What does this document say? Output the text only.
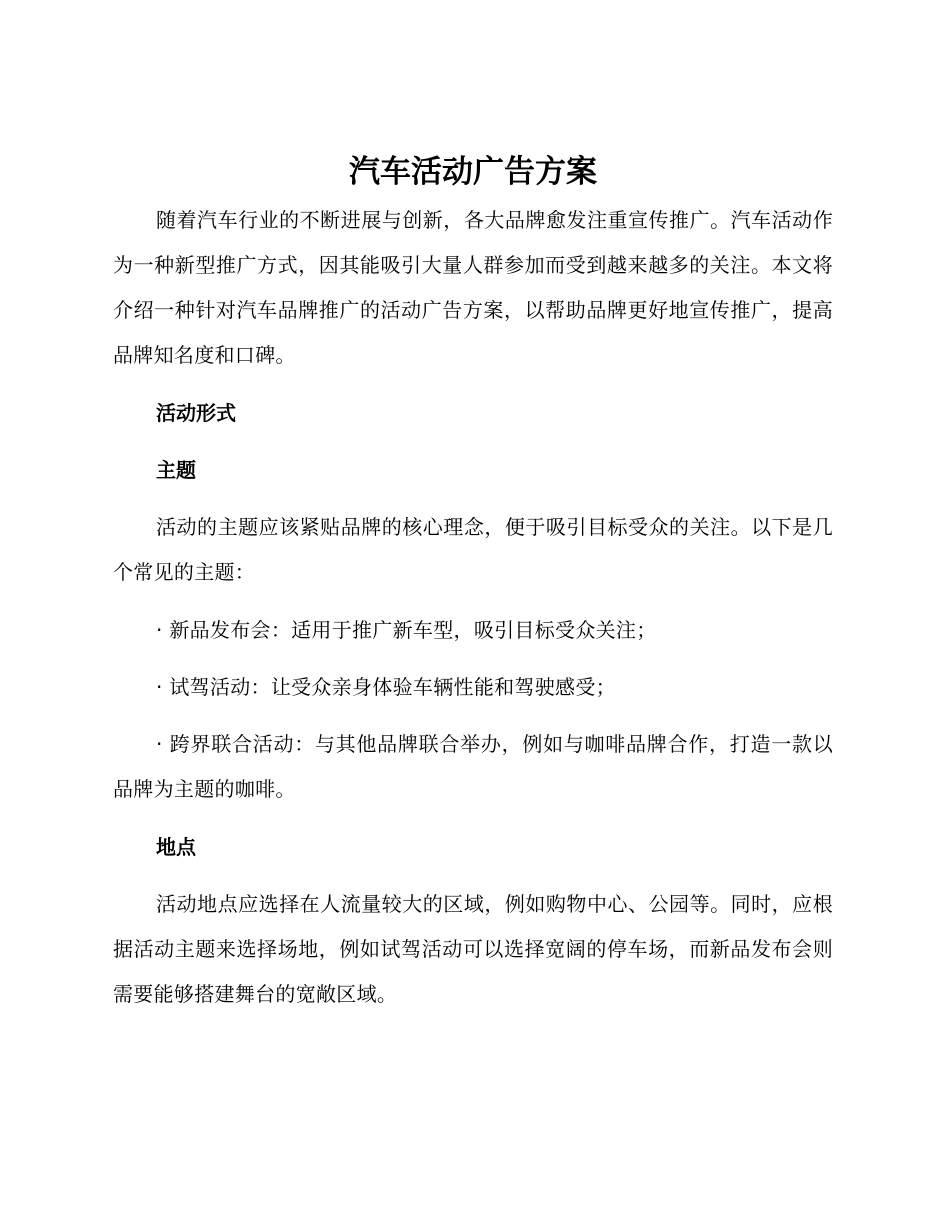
汽车活动广告方案

随着汽车行业的不断进展与创新，各大品牌愈发注重宣传推广。汽车活动作为一种新型推广方式，因其能吸引大量人群参加而受到越来越多的关注。本文将介绍一种针对汽车品牌推广的活动广告方案，以帮助品牌更好地宣传推广，提高品牌知名度和口碑。

活动形式
主题

活动的主题应该紧贴品牌的核心理念，便于吸引目标受众的关注。以下是几个常见的主题：

· 新品发布会：适用于推广新车型，吸引目标受众关注；

· 试驾活动：让受众亲身体验车辆性能和驾驶感受；

· 跨界联合活动：与其他品牌联合举办，例如与咖啡品牌合作，打造一款以品牌为主题的咖啡。

地点

活动地点应选择在人流量较大的区域，例如购物中心、公园等。同时，应根据活动主题来选择场地，例如试驾活动可以选择宽阔的停车场，而新品发布会则需要能够搭建舞台的宽敞区域。
